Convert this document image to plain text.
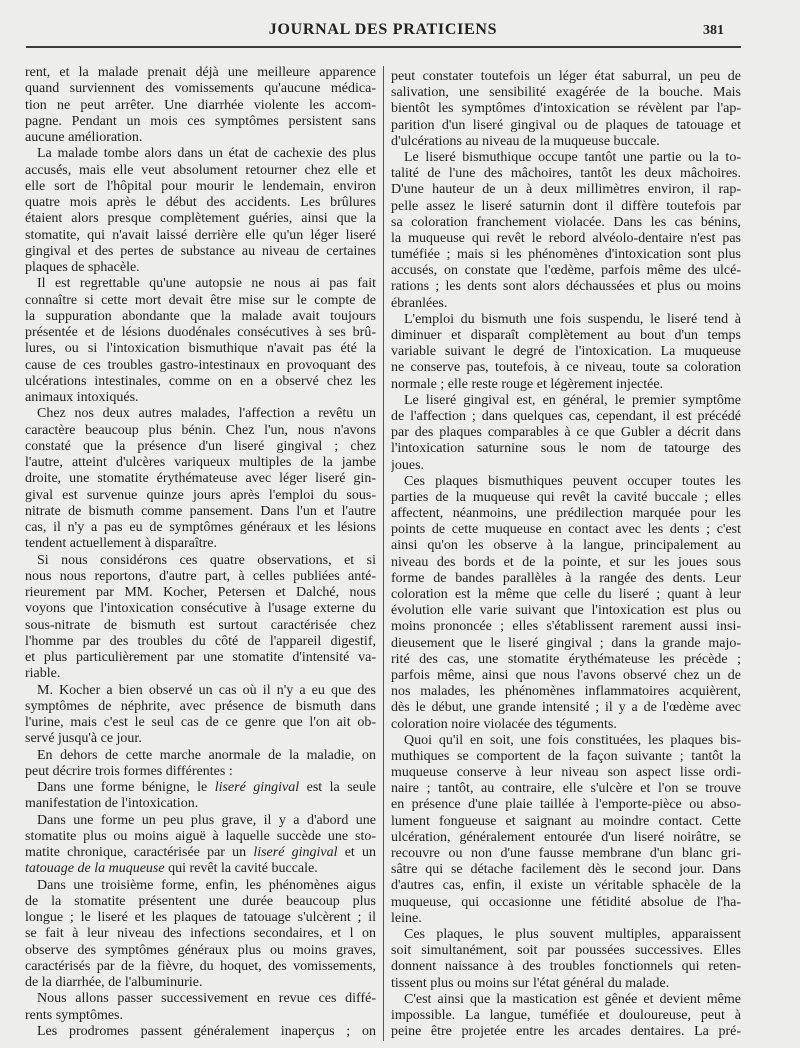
JOURNAL DES PRATICIENS	381
rent, et la malade prenait déjà une meilleure apparence
quand surviennent des vomissements qu'aucune médica-
tion ne peut arrêter. Une diarrhée violente les accom-
pagne. Pendant un mois ces symptômes persistent sans
aucune amélioration.
La malade tombe alors dans un état de cachexie des plus
accusés, mais elle veut absolument retourner chez elle et
elle sort de l'hôpital pour mourir le lendemain, environ
quatre mois après le début des accidents. Les brûlures
étaient alors presque complètement guéries, ainsi que la
stomatite, qui n'avait laissé derrière elle qu'un léger liseré
gingival et des pertes de substance au niveau de certaines
plaques de sphacèle.
Il est regrettable qu'une autopsie ne nous ai pas fait
connaître si cette mort devait être mise sur le compte de
la suppuration abondante que la malade avait toujours
présentée et de lésions duodénales consécutives à ses brû-
lures, ou si l'intoxication bismuthique n'avait pas été la
cause de ces troubles gastro-intestinaux en provoquant des
ulcérations intestinales, comme on en a observé chez les
animaux intoxiqués.
Chez nos deux autres malades, l'affection a revêtu un
caractère beaucoup plus bénin. Chez l'un, nous n'avons
constaté que la présence d'un liseré gingival ; chez
l'autre, atteint d'ulcères variqueux multiples de la jambe
droite, une stomatite érythémateuse avec léger liseré gin-
gival est survenue quinze jours après l'emploi du sous-
nitrate de bismuth comme pansement. Dans l'un et l'autre
cas, il n'y a pas eu de symptômes généraux et les lésions
tendent actuellement à disparaître.
Si nous considérons ces quatre observations, et si
nous nous reportons, d'autre part, à celles publiées anté-
rieurement par MM. Kocher, Petersen et Dalché, nous
voyons que l'intoxication consécutive à l'usage externe du
sous-nitrate de bismuth est surtout caractérisée chez
l'homme par des troubles du côté de l'appareil digestif,
et plus particulièrement par une stomatite d'intensité va-
riable.
M. Kocher a bien observé un cas où il n'y a eu que des
symptômes de néphrite, avec présence de bismuth dans
l'urine, mais c'est le seul cas de ce genre que l'on ait ob-
servé jusqu'à ce jour.
En dehors de cette marche anormale de la maladie, on
peut décrire trois formes différentes :
Dans une forme bénigne, le liseré gingival est la seule
manifestation de l'intoxication.
Dans une forme un peu plus grave, il y a d'abord une
stomatite plus ou moins aiguë à laquelle succède une sto-
matite chronique, caractérisée par un liseré gingival et un
tatouage de la muqueuse qui revêt la cavité buccale.
Dans une troisième forme, enfin, les phénomènes aigus
de la stomatite présentent une durée beaucoup plus
longue ; le liseré et les plaques de tatouage s'ulcèrent ; il
se fait à leur niveau des infections secondaires, et l on
observe des symptômes généraux plus ou moins graves,
caractérisés par de la fièvre, du hoquet, des vomissements,
de la diarrhée, de l'albuminurie.
Nous allons passer successivement en revue ces diffé-
rents symptômes.
Les prodromes passent généralement inaperçus ; on
peut constater toutefois un léger état saburral, un peu de
salivation, une sensibilité exagérée de la bouche. Mais
bientôt les symptômes d'intoxication se révèlent par l'ap-
parition d'un liseré gingival ou de plaques de tatouage et
d'ulcérations au niveau de la muqueuse buccale.
Le liseré bismuthique occupe tantôt une partie ou la to-
talité de l'une des mâchoires, tantôt les deux mâchoires.
D'une hauteur de un à deux millimètres environ, il rap-
pelle assez le liseré saturnin dont il diffère toutefois par
sa coloration franchement violacée. Dans les cas bénins,
la muqueuse qui revêt le rebord alvéolo-dentaire n'est pas
tuméfiée ; mais si les phénomènes d'intoxication sont plus
accusés, on constate que l'œdème, parfois même des ulcé-
rations ; les dents sont alors déchaussées et plus ou moins
ébranlées.
L'emploi du bismuth une fois suspendu, le liseré tend à
diminuer et disparaît complètement au bout d'un temps
variable suivant le degré de l'intoxication. La muqueuse
ne conserve pas, toutefois, à ce niveau, toute sa coloration
normale ; elle reste rouge et légèrement injectée.
Le liseré gingival est, en général, le premier symptôme
de l'affection ; dans quelques cas, cependant, il est précédé
par des plaques comparables à ce que Gubler a décrit dans
l'intoxication saturnine sous le nom de tatourge des
joues.
Ces plaques bismuthiques peuvent occuper toutes les
parties de la muqueuse qui revêt la cavité buccale ; elles
affectent, néanmoins, une prédilection marquée pour les
points de cette muqueuse en contact avec les dents ; c'est
ainsi qu'on les observe à la langue, principalement au
niveau des bords et de la pointe, et sur les joues sous
forme de bandes parallèles à la rangée des dents. Leur
coloration est la même que celle du liseré ; quant à leur
évolution elle varie suivant que l'intoxication est plus ou
moins prononcée ; elles s'établissent rarement aussi insi-
dieusement que le liseré gingival ; dans la grande majo-
rité des cas, une stomatite érythémateuse les précède ;
parfois même, ainsi que nous l'avons observé chez un de
nos malades, les phénomènes inflammatoires acquièrent,
dès le début, une grande intensité ; il y a de l'œdème avec
coloration noire violacée des téguments.
Quoi qu'il en soit, une fois constituées, les plaques bis-
muthiques se comportent de la façon suivante ; tantôt la
muqueuse conserve à leur niveau son aspect lisse ordi-
naire ; tantôt, au contraire, elle s'ulcère et l'on se trouve
en présence d'une plaie taillée à l'emporte-pièce ou abso-
lument fongueuse et saignant au moindre contact. Cette
ulcération, généralement entourée d'un liseré noirâtre, se
recouvre ou non d'une fausse membrane d'un blanc gri-
sâtre qui se détache facilement dès le second jour. Dans
d'autres cas, enfin, il existe un véritable sphacèle de la
muqueuse, qui occasionne une fétidité absolue de l'ha-
leine.
Ces plaques, le plus souvent multiples, apparaissent
soit simultanément, soit par poussées successives. Elles
donnent naissance à des troubles fonctionnels qui reten-
tissent plus ou moins sur l'état général du malade.
C'est ainsi que la mastication est gênée et devient même
impossible. La langue, tuméfiée et douloureuse, peut à
peine être projetée entre les arcades dentaires. La pré-
